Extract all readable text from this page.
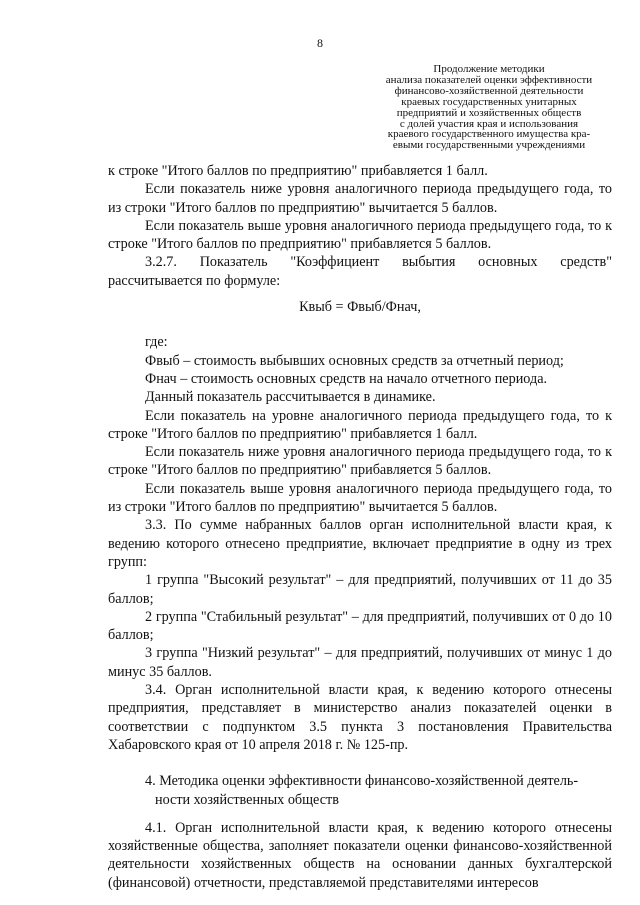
8
Продолжение методики
анализа показателей оценки эффективности
финансово-хозяйственной деятельности
краевых государственных унитарных
предприятий и хозяйственных обществ
с долей участия края и использования
краевого государственного имущества кра-
евыми государственными учреждениями

к строке "Итого баллов по предприятию" прибавляется 1 балл.

Если показатель ниже уровня аналогичного периода предыдущего года, то из строки "Итого баллов по предприятию" вычитается 5 баллов.

Если показатель выше уровня аналогичного периода предыдущего года, то к строке "Итого баллов по предприятию" прибавляется 5 баллов.

3.2.7. Показатель "Коэффициент выбытия основных средств" рассчитывается по формуле:

Квыб = Фвыб/Фнач,

где:

Фвыб – стоимость выбывших основных средств за отчетный период;

Фнач – стоимость основных средств на начало отчетного периода.

Данный показатель рассчитывается в динамике.

Если показатель на уровне аналогичного периода предыдущего года, то к строке "Итого баллов по предприятию" прибавляется 1 балл.

Если показатель ниже уровня аналогичного периода предыдущего года, то к строке "Итого баллов по предприятию" прибавляется 5 баллов.

Если показатель выше уровня аналогичного периода предыдущего года, то из строки "Итого баллов по предприятию" вычитается 5 баллов.

3.3. По сумме набранных баллов орган исполнительной власти края, к ведению которого отнесено предприятие, включает предприятие в одну из трех групп:

1 группа "Высокий результат" – для предприятий, получивших от 11 до 35 баллов;

2 группа "Стабильный результат" – для предприятий, получивших от 0 до 10 баллов;

3 группа "Низкий результат" – для предприятий, получивших от минус 1 до минус 35 баллов.

3.4. Орган исполнительной власти края, к ведению которого отнесены предприятия, представляет в министерство анализ показателей оценки в соответствии с подпунктом 3.5 пункта 3 постановления Правительства Хабаровского края от 10 апреля 2018 г. № 125-пр.

4. Методика оценки эффективности финансово-хозяйственной деятель-
ности хозяйственных обществ

4.1. Орган исполнительной власти края, к ведению которого отнесены хозяйственные общества, заполняет показатели оценки финансово-хозяйственной деятельности хозяйственных обществ на основании данных бухгалтерской (финансовой) отчетности, представляемой представителями интересов
